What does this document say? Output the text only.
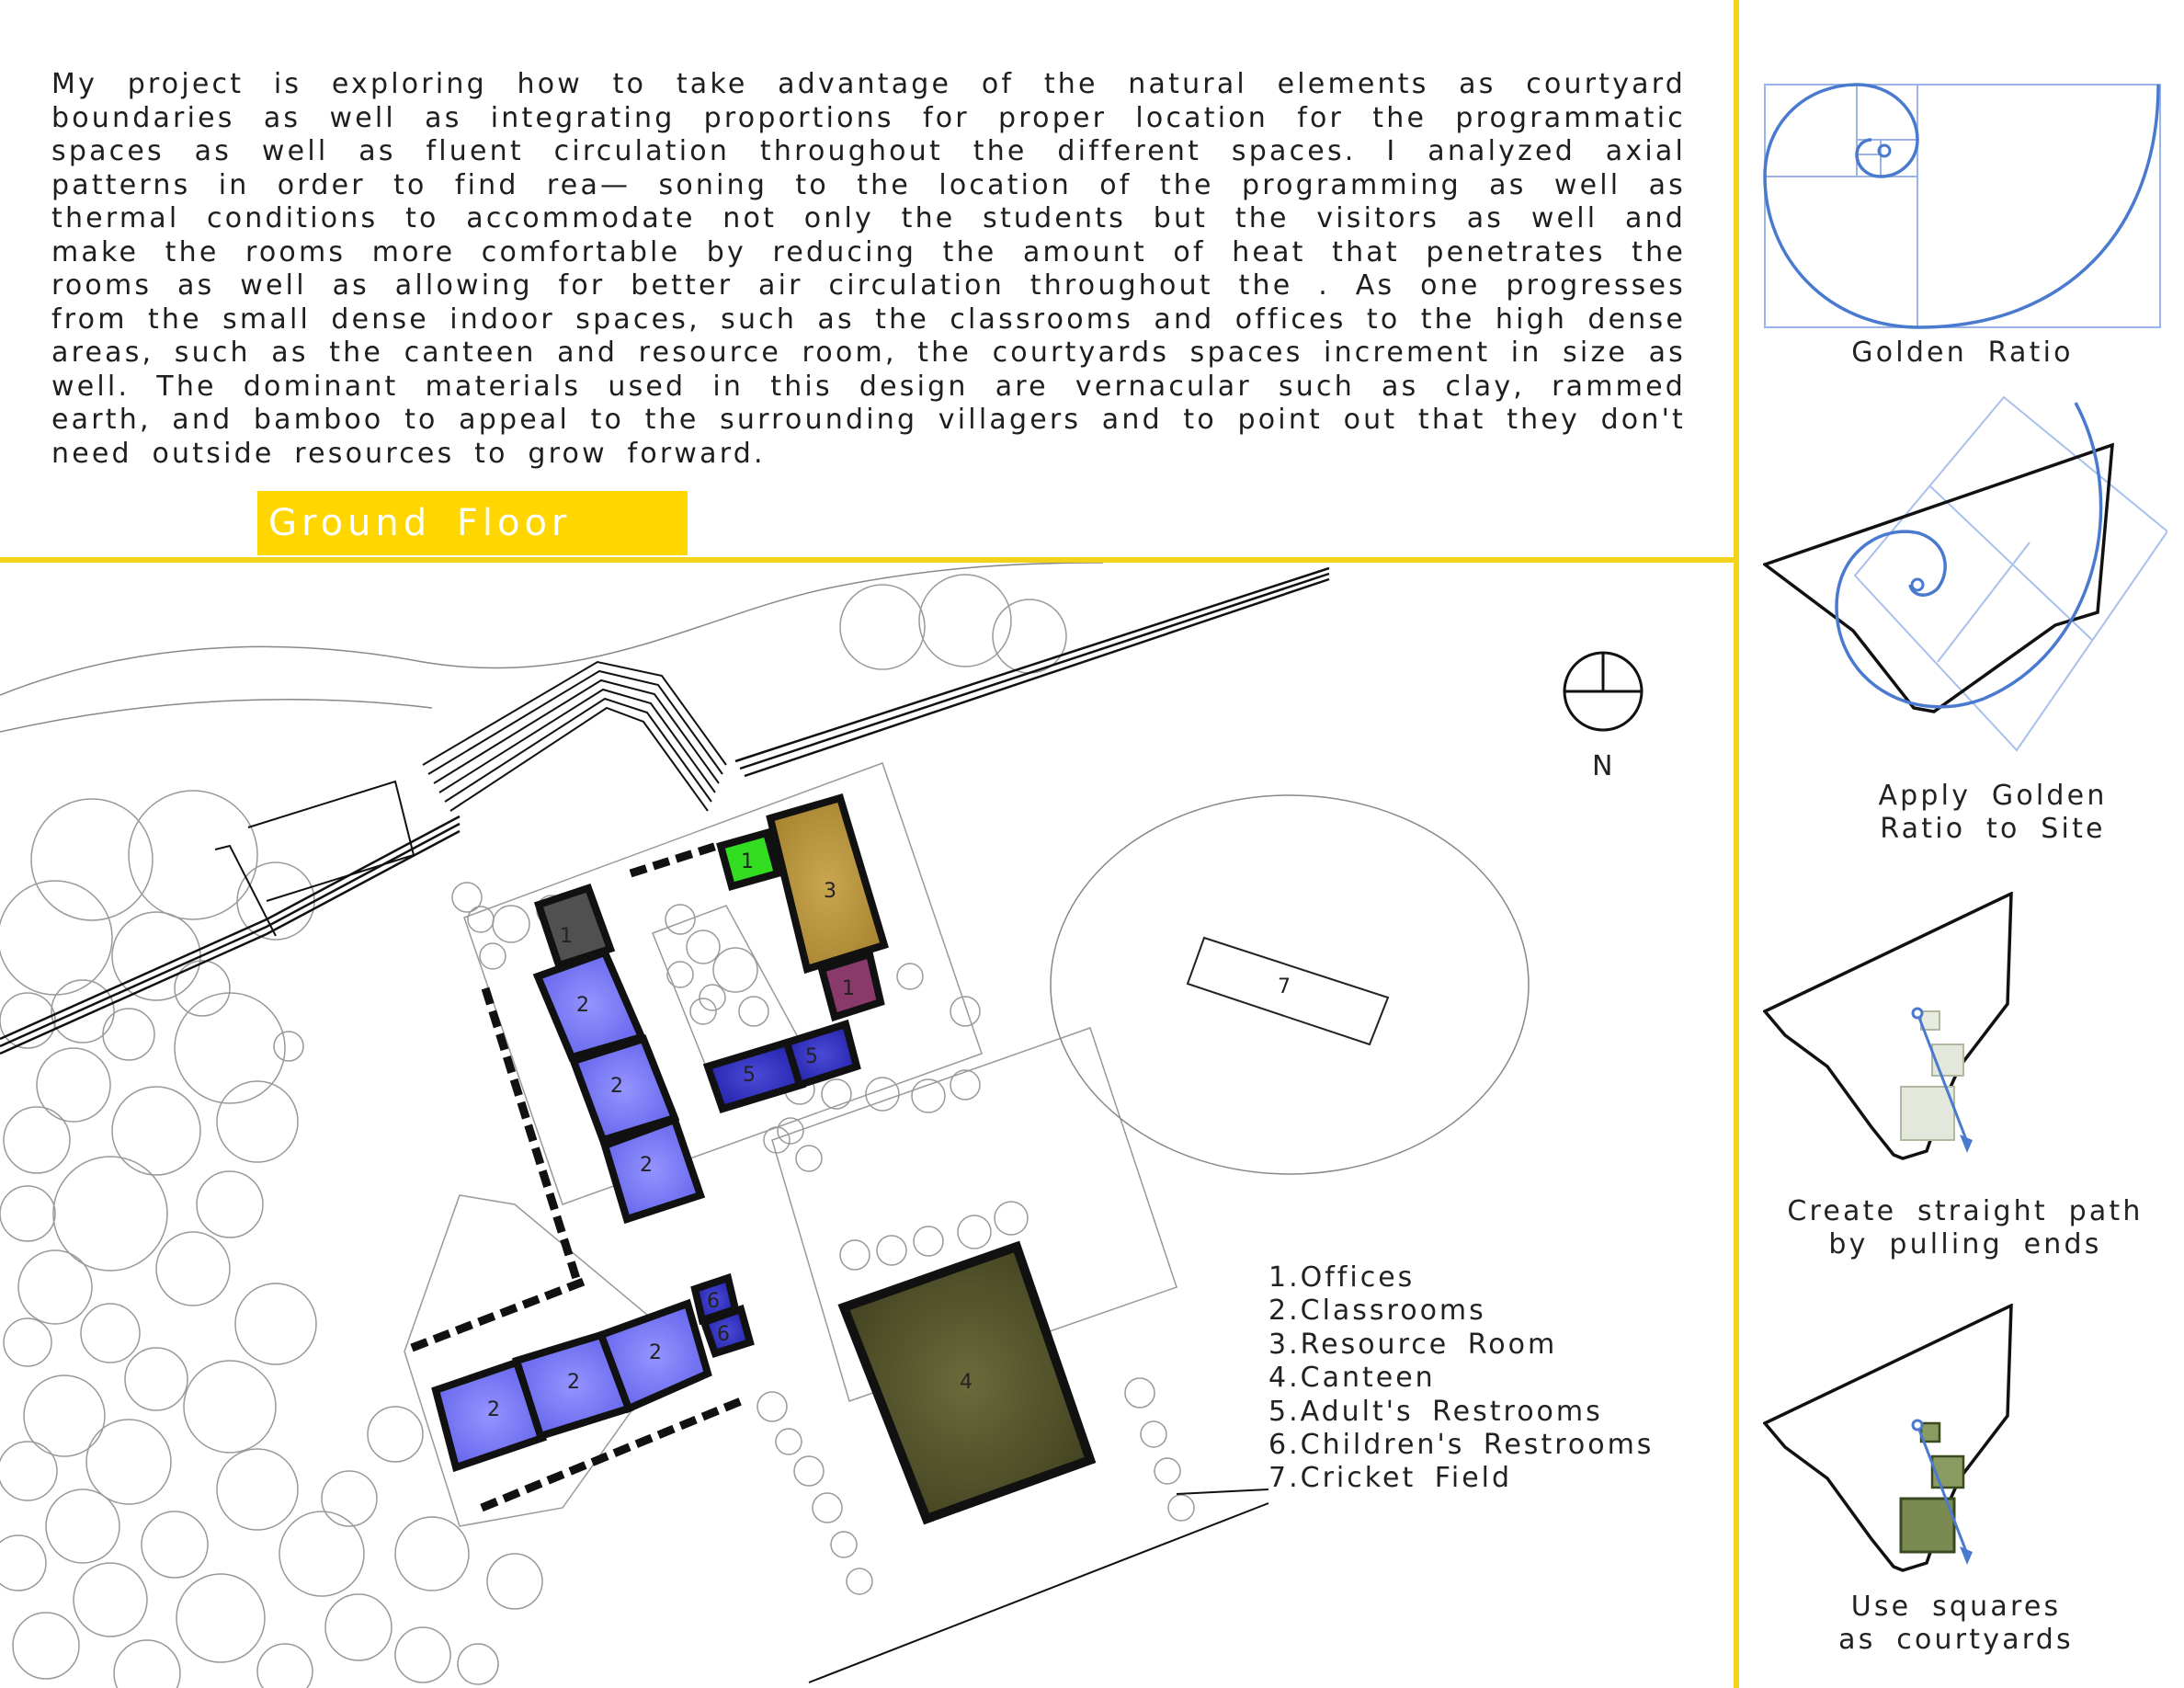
My project is exploring how to take advantage of the natural elements as courtyard boundaries as well as integrating proportions for proper location for the programmatic spaces as well as fluent circulation throughout the different spaces. I analyzed axial patterns in order to find rea— soning to the location of the programming as well as thermal conditions to accommodate not only the students but the visitors as well and make the rooms more comfortable by reducing the amount of heat that penetrates the rooms as well as allowing for better air circulation throughout the . As one progresses from the small dense indoor spaces, such as the classrooms and offices to the high dense areas, such as the canteen and resource room, the courtyards spaces increment in size as well. The dominant materials used in this design are vernacular such as clay, rammed earth, and bamboo to appeal to the surrounding villagers and to point out that they don't need outside resources to grow forward.
Ground Floor Plan
7
1
2
2
2
2
2
2
6
6
1
3
1
5
5
4
N
1.Offices
2.Classrooms
3.Resource Room
4.Canteen
5.Adult's Restrooms
6.Children's Restrooms
7.Cricket Field
Golden Ratio
Apply Golden
Ratio to Site
Create straight path
by pulling ends
Use squares
as courtyards
